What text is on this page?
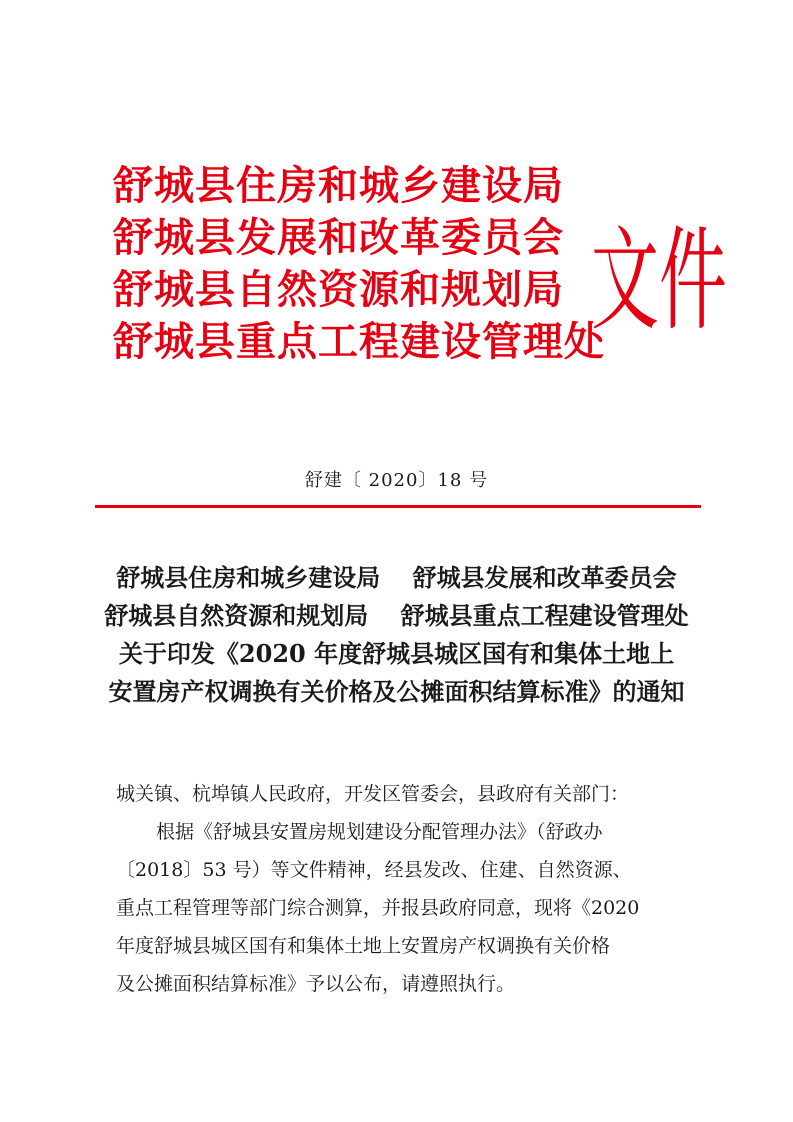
舒城县住房和城乡建设局
舒城县发展和改革委员会
舒城县自然资源和规划局
舒城县重点工程建设管理处
文件
舒建〔 2020〕18 号
舒城县住房和城乡建设局　 舒城县发展和改革委员会
舒城县自然资源和规划局　 舒城县重点工程建设管理处
关于印发《2020 年度舒城县城区国有和集体土地上
安置房产权调换有关价格及公摊面积结算标准》的通知

城关镇、杭埠镇人民政府，开发区管委会，县政府有关部门：

根据《舒城县安置房规划建设分配管理办法》（舒政办

〔2018〕53 号）等文件精神，经县发改、住建、自然资源、

重点工程管理等部门综合测算，并报县政府同意，现将《2020

年度舒城县城区国有和集体土地上安置房产权调换有关价格

及公摊面积结算标准》予以公布，请遵照执行。
